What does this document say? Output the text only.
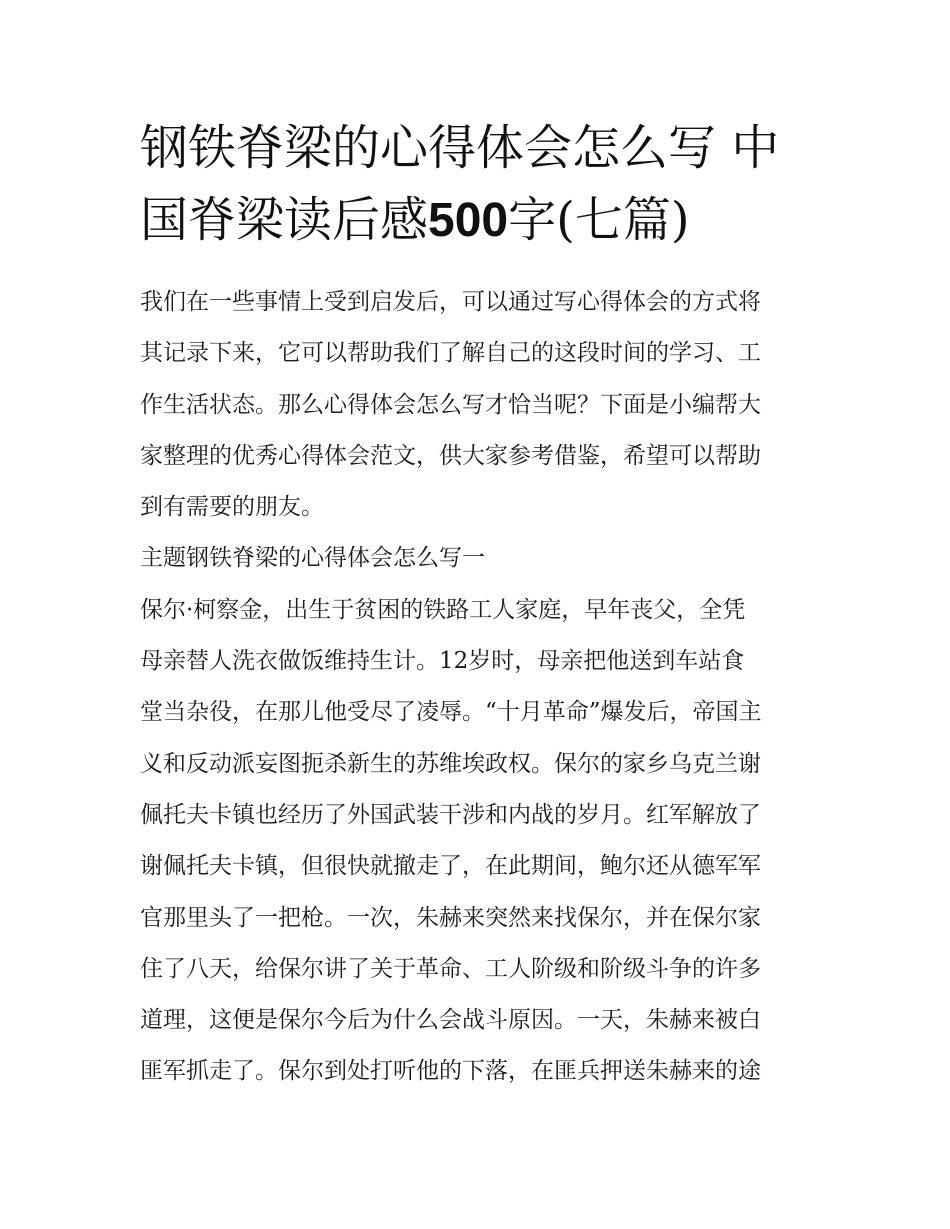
钢铁脊梁的心得体会怎么写 中
国脊梁读后感500字(七篇)
我们在一些事情上受到启发后，可以通过写心得体会的方式将
其记录下来，它可以帮助我们了解自己的这段时间的学习、工
作生活状态。那么心得体会怎么写才恰当呢？下面是小编帮大
家整理的优秀心得体会范文，供大家参考借鉴，希望可以帮助
到有需要的朋友。
主题钢铁脊梁的心得体会怎么写一
保尔·柯察金，出生于贫困的铁路工人家庭，早年丧父，全凭
母亲替人洗衣做饭维持生计。12岁时，母亲把他送到车站食
堂当杂役，在那儿他受尽了凌辱。“十月革命”爆发后，帝国主
义和反动派妄图扼杀新生的苏维埃政权。保尔的家乡乌克兰谢
佩托夫卡镇也经历了外国武装干涉和内战的岁月。红军解放了
谢佩托夫卡镇，但很快就撤走了，在此期间，鲍尔还从德军军
官那里头了一把枪。一次，朱赫来突然来找保尔，并在保尔家
住了八天，给保尔讲了关于革命、工人阶级和阶级斗争的许多
道理，这便是保尔今后为什么会战斗原因。一天，朱赫来被白
匪军抓走了。保尔到处打听他的下落，在匪兵押送朱赫来的途
